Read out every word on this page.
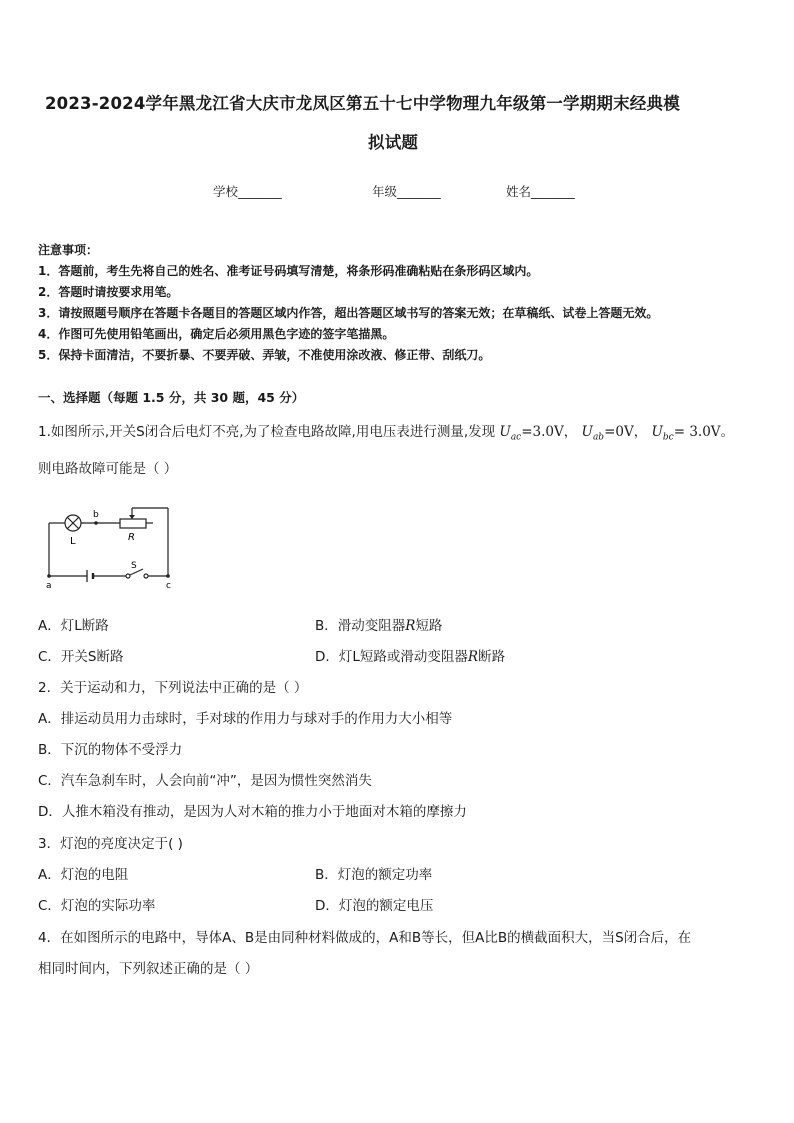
2023-2024学年黑龙江省大庆市龙凤区第五十七中学物理九年级第一学期期末经典模
拟试题
学校_______	年级_______	姓名_______
注意事项：
1．答题前，考生先将自己的姓名、准考证号码填写清楚，将条形码准确粘贴在条形码区域内。
2．答题时请按要求用笔。
3．请按照题号顺序在答题卡各题目的答题区域内作答，超出答题区域书写的答案无效；在草稿纸、试卷上答题无效。
4．作图可先使用铅笔画出，确定后必须用黑色字迹的签字笔描黑。
5．保持卡面清洁，不要折暴、不要弄破、弄皱，不准使用涂改液、修正带、刮纸刀。
一、选择题（每题 1.5 分，共 30 题，45 分）
1.如图所示,开关S闭合后电灯不亮,为了检查电路故障,用电压表进行测量,发现 $U_{ac}=3.0V$， $U_{ab}=0V$， $U_{bc}= 3.0V$。
则电路故障可能是（ ）
L
b
R
a
S
c
A．灯L断路	B．滑动变阻器R短路
C．开关S断路	D．灯L短路或滑动变阻器R断路
2．关于运动和力，下列说法中正确的是（ ）
A．排运动员用力击球时，手对球的作用力与球对手的作用力大小相等
B．下沉的物体不受浮力
C．汽车急刹车时，人会向前“冲”，是因为惯性突然消失
D．人推木箱没有推动，是因为人对木箱的推力小于地面对木箱的摩擦力
3．灯泡的亮度决定于( )
A．灯泡的电阻	B．灯泡的额定功率
C．灯泡的实际功率	D．灯泡的额定电压
4．在如图所示的电路中，导体A、B是由同种材料做成的，A和B等长，但A比B的横截面积大，当S闭合后，在
相同时间内，下列叙述正确的是（ ）
